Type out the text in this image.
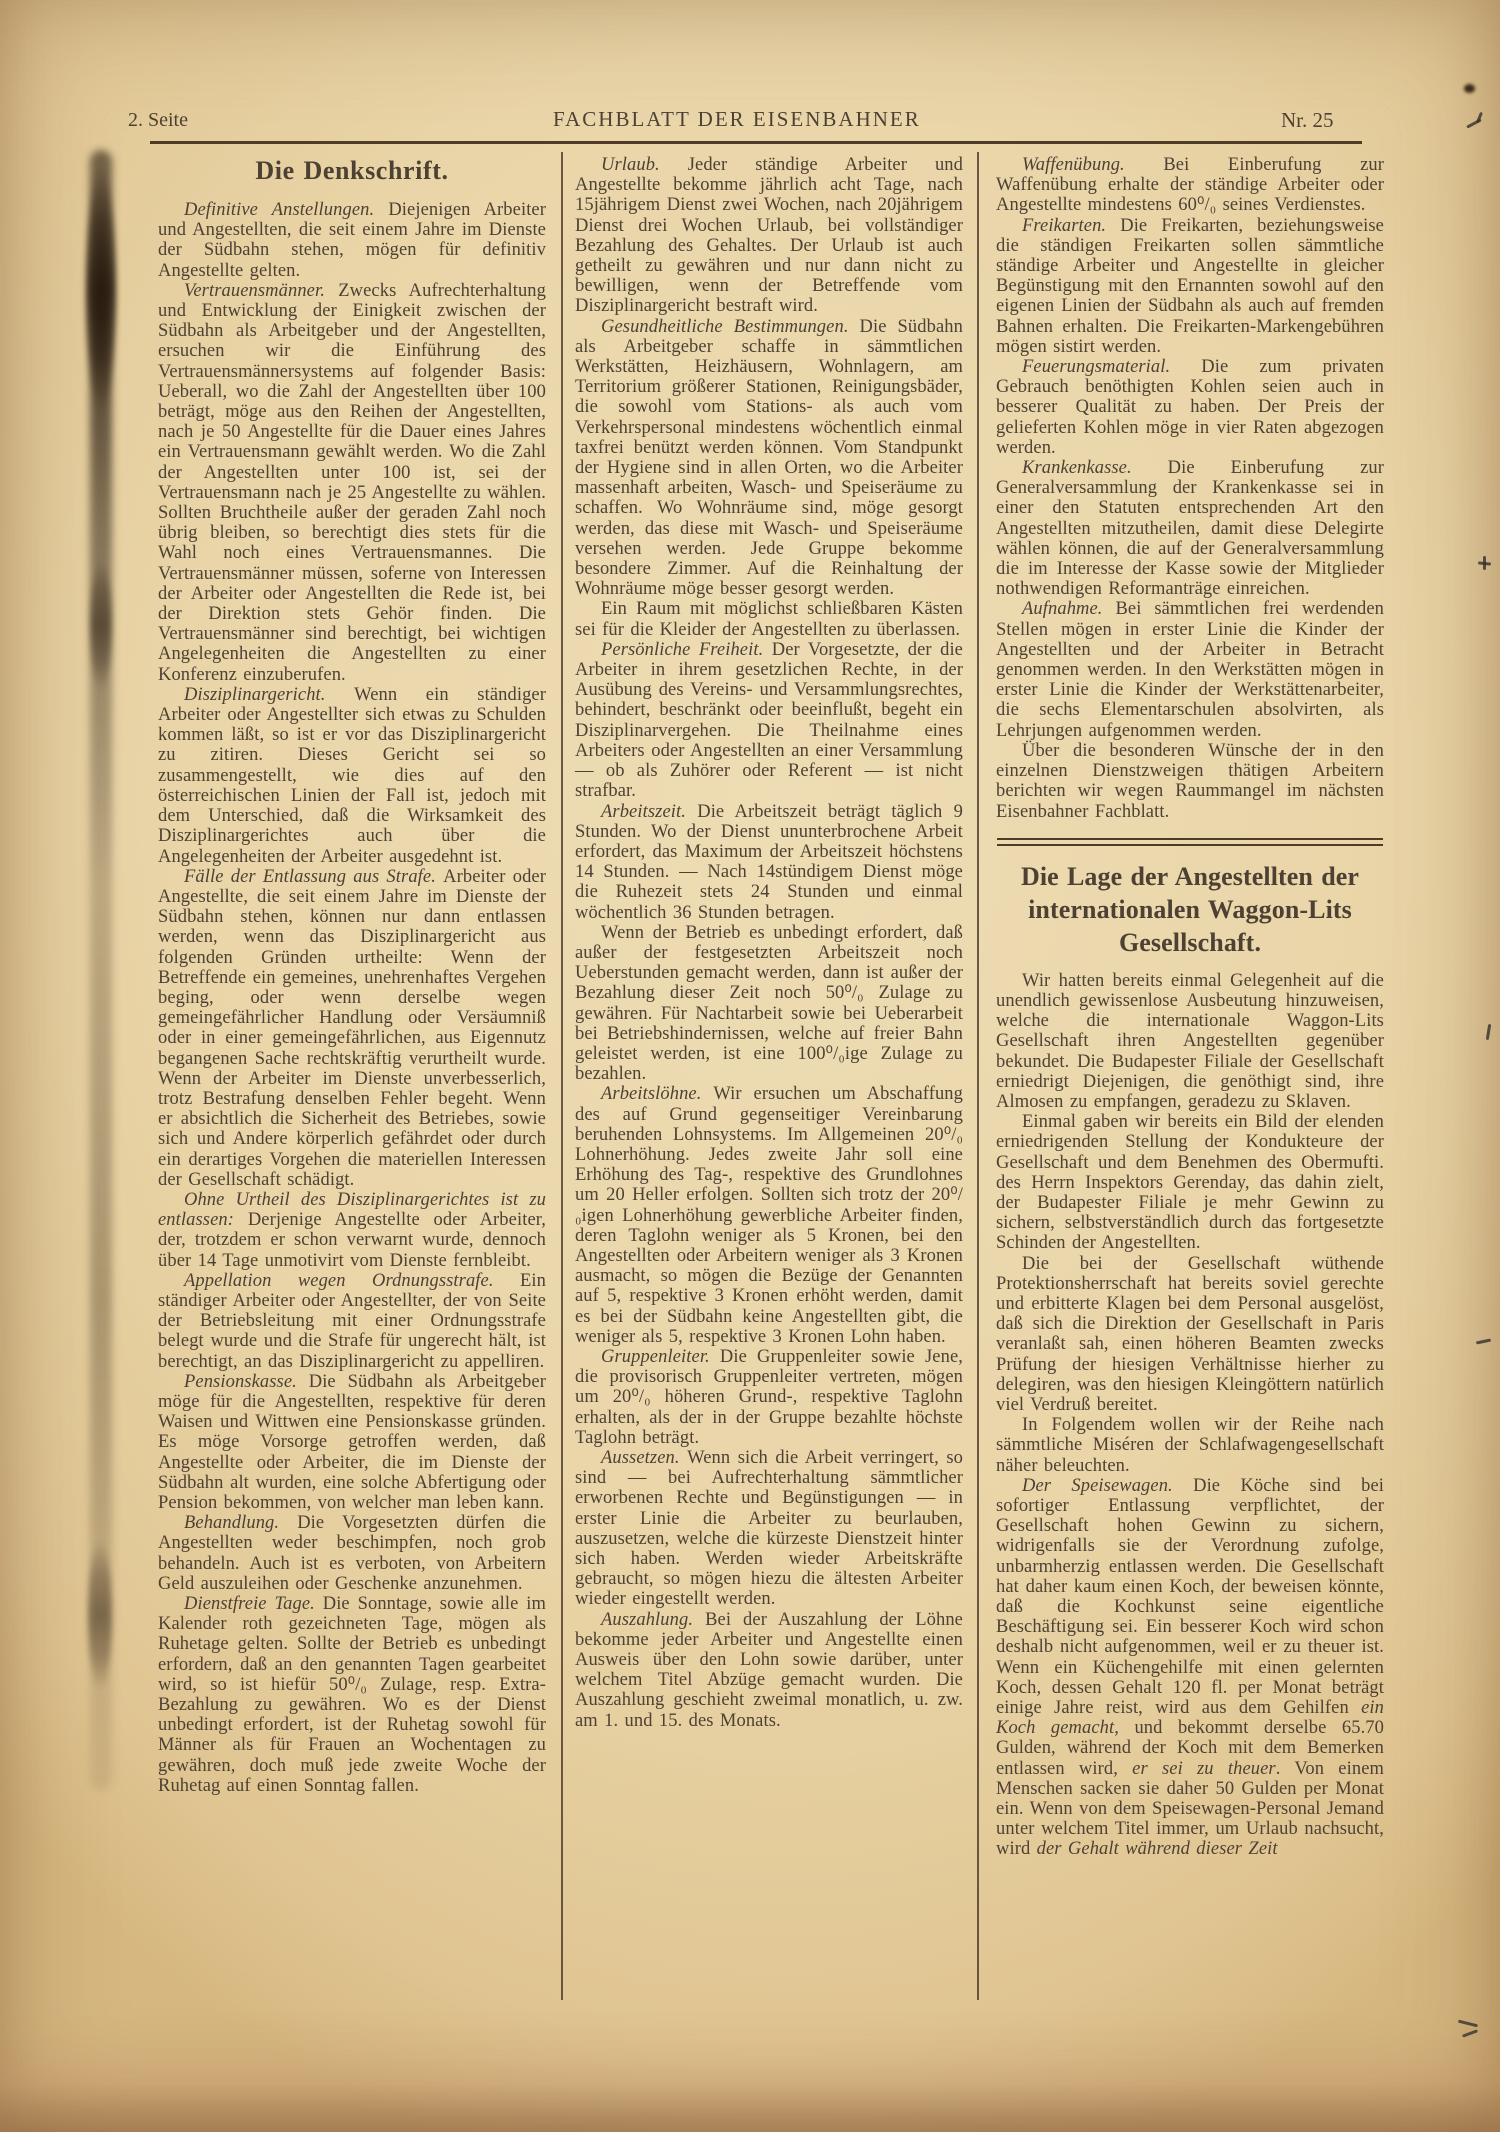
2. Seite	FACHBLATT DER EISENBAHNER	Nr. 25
Die Denkschrift.

Definitive Anstellungen. Diejenigen Arbeiter und Angestellten, die seit einem Jahre im Dienste der Südbahn stehen, mögen für definitiv Angestellte gelten.

Vertrauensmänner. Zwecks Aufrechterhaltung und Entwicklung der Einigkeit zwischen der Südbahn als Arbeitgeber und der Angestellten, ersuchen wir die Einführung des Vertrauensmännersystems auf folgender Basis: Ueberall, wo die Zahl der Angestellten über 100 beträgt, möge aus den Reihen der Angestellten, nach je 50 Angestellte für die Dauer eines Jahres ein Vertrauensmann gewählt werden. Wo die Zahl der Angestellten unter 100 ist, sei der Vertrauensmann nach je 25 Angestellte zu wählen. Sollten Bruchtheile außer der geraden Zahl noch übrig bleiben, so berechtigt dies stets für die Wahl noch eines Vertrauensmannes. Die Vertrauensmänner müssen, soferne von Interessen der Arbeiter oder Angestellten die Rede ist, bei der Direktion stets Gehör finden. Die Vertrauensmänner sind berechtigt, bei wichtigen Angelegenheiten die Angestellten zu einer Konferenz einzuberufen.

Disziplinargericht. Wenn ein ständiger Arbeiter oder Angestellter sich etwas zu Schulden kommen läßt, so ist er vor das Disziplinargericht zu zitiren. Dieses Gericht sei so zusammengestellt, wie dies auf den österreichischen Linien der Fall ist, jedoch mit dem Unterschied, daß die Wirksamkeit des Disziplinargerichtes auch über die Angelegenheiten der Arbeiter ausgedehnt ist.

Fälle der Entlassung aus Strafe. Arbeiter oder Angestellte, die seit einem Jahre im Dienste der Südbahn stehen, können nur dann entlassen werden, wenn das Disziplinargericht aus folgenden Gründen urtheilte: Wenn der Betreffende ein gemeines, unehrenhaftes Vergehen beging, oder wenn derselbe wegen gemeingefährlicher Handlung oder Versäumniß oder in einer gemeingefährlichen, aus Eigennutz begangenen Sache rechtskräftig verurtheilt wurde. Wenn der Arbeiter im Dienste unverbesserlich, trotz Bestrafung denselben Fehler begeht. Wenn er absichtlich die Sicherheit des Betriebes, sowie sich und Andere körperlich gefährdet oder durch ein derartiges Vorgehen die materiellen Interessen der Gesellschaft schädigt.

Ohne Urtheil des Disziplinargerichtes ist zu entlassen: Derjenige Angestellte oder Arbeiter, der, trotzdem er schon verwarnt wurde, dennoch über 14 Tage unmotivirt vom Dienste fernbleibt.

Appellation wegen Ordnungsstrafe. Ein ständiger Arbeiter oder Angestellter, der von Seite der Betriebsleitung mit einer Ordnungsstrafe belegt wurde und die Strafe für ungerecht hält, ist berechtigt, an das Disziplinargericht zu appelliren.

Pensionskasse. Die Südbahn als Arbeitgeber möge für die Angestellten, respektive für deren Waisen und Wittwen eine Pensionskasse gründen. Es möge Vorsorge getroffen werden, daß Angestellte oder Arbeiter, die im Dienste der Südbahn alt wurden, eine solche Abfertigung oder Pension bekommen, von welcher man leben kann.

Behandlung. Die Vorgesetzten dürfen die Angestellten weder beschimpfen, noch grob behandeln. Auch ist es verboten, von Arbeitern Geld auszuleihen oder Geschenke anzunehmen.

Dienstfreie Tage. Die Sonntage, sowie alle im Kalender roth gezeichneten Tage, mögen als Ruhetage gelten. Sollte der Betrieb es unbedingt erfordern, daß an den genannten Tagen gearbeitet wird, so ist hiefür 50⁰/₀ Zulage, resp. Extra-Bezahlung zu gewähren. Wo es der Dienst unbedingt erfordert, ist der Ruhetag sowohl für Männer als für Frauen an Wochentagen zu gewähren, doch muß jede zweite Woche der Ruhetag auf einen Sonntag fallen.

Urlaub. Jeder ständige Arbeiter und Angestellte bekomme jährlich acht Tage, nach 15jährigem Dienst zwei Wochen, nach 20jährigem Dienst drei Wochen Urlaub, bei vollständiger Bezahlung des Gehaltes. Der Urlaub ist auch getheilt zu gewähren und nur dann nicht zu bewilligen, wenn der Betreffende vom Disziplinargericht bestraft wird.

Gesundheitliche Bestimmungen. Die Südbahn als Arbeitgeber schaffe in sämmtlichen Werkstätten, Heizhäusern, Wohnlagern, am Territorium größerer Stationen, Reinigungsbäder, die sowohl vom Stations- als auch vom Verkehrspersonal mindestens wöchentlich einmal taxfrei benützt werden können. Vom Standpunkt der Hygiene sind in allen Orten, wo die Arbeiter massenhaft arbeiten, Wasch- und Speiseräume zu schaffen. Wo Wohnräume sind, möge gesorgt werden, das diese mit Wasch- und Speiseräume versehen werden. Jede Gruppe bekomme besondere Zimmer. Auf die Reinhaltung der Wohnräume möge besser gesorgt werden.

Ein Raum mit möglichst schließbaren Kästen sei für die Kleider der Angestellten zu überlassen.

Persönliche Freiheit. Der Vorgesetzte, der die Arbeiter in ihrem gesetzlichen Rechte, in der Ausübung des Vereins- und Versammlungsrechtes, behindert, beschränkt oder beeinflußt, begeht ein Disziplinarvergehen. Die Theilnahme eines Arbeiters oder Angestellten an einer Versammlung — ob als Zuhörer oder Referent — ist nicht strafbar.

Arbeitszeit. Die Arbeitszeit beträgt täglich 9 Stunden. Wo der Dienst ununterbrochene Arbeit erfordert, das Maximum der Arbeitszeit höchstens 14 Stunden. — Nach 14stündigem Dienst möge die Ruhezeit stets 24 Stunden und einmal wöchentlich 36 Stunden betragen.

Wenn der Betrieb es unbedingt erfordert, daß außer der festgesetzten Arbeitszeit noch Ueberstunden gemacht werden, dann ist außer der Bezahlung dieser Zeit noch 50⁰/₀ Zulage zu gewähren. Für Nachtarbeit sowie bei Ueberarbeit bei Betriebshindernissen, welche auf freier Bahn geleistet werden, ist eine 100⁰/₀ige Zulage zu bezahlen.

Arbeitslöhne. Wir ersuchen um Abschaffung des auf Grund gegenseitiger Vereinbarung beruhenden Lohnsystems. Im Allgemeinen 20⁰/₀ Lohnerhöhung. Jedes zweite Jahr soll eine Erhöhung des Tag-, respektive des Grundlohnes um 20 Heller erfolgen. Sollten sich trotz der 20⁰/₀igen Lohnerhöhung gewerbliche Arbeiter finden, deren Taglohn weniger als 5 Kronen, bei den Angestellten oder Arbeitern weniger als 3 Kronen ausmacht, so mögen die Bezüge der Genannten auf 5, respektive 3 Kronen erhöht werden, damit es bei der Südbahn keine Angestellten gibt, die weniger als 5, respektive 3 Kronen Lohn haben.

Gruppenleiter. Die Gruppenleiter sowie Jene, die provisorisch Gruppenleiter vertreten, mögen um 20⁰/₀ höheren Grund-, respektive Taglohn erhalten, als der in der Gruppe bezahlte höchste Taglohn beträgt.

Aussetzen. Wenn sich die Arbeit verringert, so sind — bei Aufrechterhaltung sämmtlicher erworbenen Rechte und Begünstigungen — in erster Linie die Arbeiter zu beurlauben, auszusetzen, welche die kürzeste Dienstzeit hinter sich haben. Werden wieder Arbeitskräfte gebraucht, so mögen hiezu die ältesten Arbeiter wieder eingestellt werden.

Auszahlung. Bei der Auszahlung der Löhne bekomme jeder Arbeiter und Angestellte einen Ausweis über den Lohn sowie darüber, unter welchem Titel Abzüge gemacht wurden. Die Auszahlung geschieht zweimal monatlich, u. zw. am 1. und 15. des Monats.

Waffenübung. Bei Einberufung zur Waffenübung erhalte der ständige Arbeiter oder Angestellte mindestens 60⁰/₀ seines Verdienstes.

Freikarten. Die Freikarten, beziehungsweise die ständigen Freikarten sollen sämmtliche ständige Arbeiter und Angestellte in gleicher Begünstigung mit den Ernannten sowohl auf den eigenen Linien der Südbahn als auch auf fremden Bahnen erhalten. Die Freikarten-Markengebühren mögen sistirt werden.

Feuerungsmaterial. Die zum privaten Gebrauch benöthigten Kohlen seien auch in besserer Qualität zu haben. Der Preis der gelieferten Kohlen möge in vier Raten abgezogen werden.

Krankenkasse. Die Einberufung zur Generalversammlung der Krankenkasse sei in einer den Statuten entsprechenden Art den Angestellten mitzutheilen, damit diese Delegirte wählen können, die auf der Generalversammlung die im Interesse der Kasse sowie der Mitglieder nothwendigen Reformanträge einreichen.

Aufnahme. Bei sämmtlichen frei werdenden Stellen mögen in erster Linie die Kinder der Angestellten und der Arbeiter in Betracht genommen werden. In den Werkstätten mögen in erster Linie die Kinder der Werkstättenarbeiter, die sechs Elementarschulen absolvirten, als Lehrjungen aufgenommen werden.

Über die besonderen Wünsche der in den einzelnen Dienstzweigen thätigen Arbeitern berichten wir wegen Raummangel im nächsten Eisenbahner Fachblatt.

Die Lage der Angestellten der internationalen Waggon-Lits Gesellschaft.

Wir hatten bereits einmal Gelegenheit auf die unendlich gewissenlose Ausbeutung hinzuweisen, welche die internationale Waggon-Lits Gesellschaft ihren Angestellten gegenüber bekundet. Die Budapester Filiale der Gesellschaft erniedrigt Diejenigen, die genöthigt sind, ihre Almosen zu empfangen, geradezu zu Sklaven.

Einmal gaben wir bereits ein Bild der elenden erniedrigenden Stellung der Kondukteure der Gesellschaft und dem Benehmen des Obermufti. des Herrn Inspektors Gerenday, das dahin zielt, der Budapester Filiale je mehr Gewinn zu sichern, selbstverständlich durch das fortgesetzte Schinden der Angestellten.

Die bei der Gesellschaft wüthende Protektionsherrschaft hat bereits soviel gerechte und erbitterte Klagen bei dem Personal ausgelöst, daß sich die Direktion der Gesellschaft in Paris veranlaßt sah, einen höheren Beamten zwecks Prüfung der hiesigen Verhältnisse hierher zu delegiren, was den hiesigen Kleingöttern natürlich viel Verdruß bereitet.

In Folgendem wollen wir der Reihe nach sämmtliche Miséren der Schlafwagengesellschaft näher beleuchten.

Der Speisewagen. Die Köche sind bei sofortiger Entlassung verpflichtet, der Gesellschaft hohen Gewinn zu sichern, widrigenfalls sie der Verordnung zufolge, unbarmherzig entlassen werden. Die Gesellschaft hat daher kaum einen Koch, der beweisen könnte, daß die Kochkunst seine eigentliche Beschäftigung sei. Ein besserer Koch wird schon deshalb nicht aufgenommen, weil er zu theuer ist. Wenn ein Küchengehilfe mit einen gelernten Koch, dessen Gehalt 120 fl. per Monat beträgt einige Jahre reist, wird aus dem Gehilfen ein Koch gemacht, und bekommt derselbe 65.70 Gulden, während der Koch mit dem Bemerken entlassen wird, er sei zu theuer. Von einem Menschen sacken sie daher 50 Gulden per Monat ein. Wenn von dem Speisewagen-Personal Jemand unter welchem Titel immer, um Urlaub nachsucht, wird der Gehalt während dieser Zeit
